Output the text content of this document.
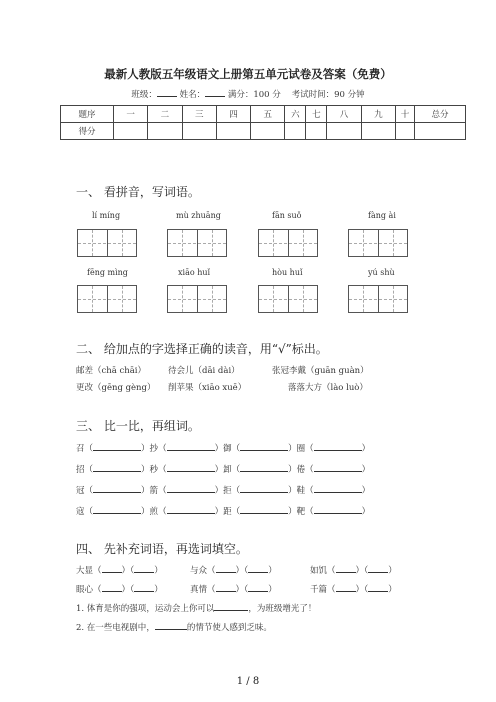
最新人教版五年级语文上册第五单元试卷及答案（免费）
班级：	姓名：	满分：100 分 考试时间：90 分钟
题序	一	二	三	四	五	六	七	八	九	十	总分
得分											
一、 看拼音，写词语。
lí míng	mù zhuāng	fān suǒ	fàng ài
fēng mìng	xiāo huǐ	hòu huǐ	yú shù
二、 给加点的字选择正确的读音，用“√”标出。
邮差（chā chāi）	待会儿（dāi dài）	张冠李戴（guān guàn）
更改（gēng gèng） 削苹果（xiāo xuē）	落落大方（lào luò）
三、 比一比，再组词。
召（	）抄（	）御（	）圈（	）
招（	）秒（	）卸（	）倦（	）
冠（	）箭（	）拒（	）鞋（	）
寇（	）煎（	）距（	）靶（	）
四、 先补充词语，再选词填空。
大显（ ）（ ）	与众（ ）（ ）	如饥（ ）（ ）
眼心（ ）（ ）	真情（ ）（ ）	千篇（ ）（ ）
1. 体育是你的强项，运动会上你可以	，为班级增光了！
2. 在一些电视剧中，	的情节使人感到乏味。
1 / 8
